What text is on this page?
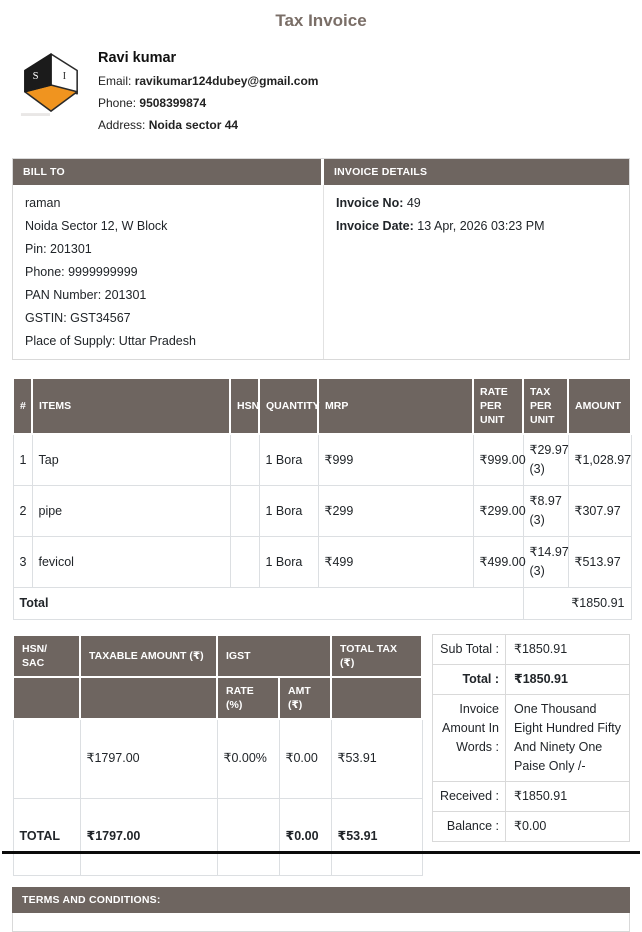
Tax Invoice
S I
Ravi kumar
Email: ravikumar124dubey@gmail.com
Phone: 9508399874
Address: Noida sector 44
BILL TO	INVOICE DETAILS
raman
Noida Sector 12, W Block
Pin: 201301
Phone: 9999999999
PAN Number: 201301
GSTIN: GST34567
Place of Supply: Uttar Pradesh
Invoice No: 49
Invoice Date: 13 Apr, 2026 03:23 PM
#	ITEMS	HSN	QUANTITY	MRP	RATE PER UNIT	TAX PER UNIT	AMOUNT
1	Tap		1 Bora	₹999	₹999.00	₹29.97 (3)	₹1,028.97
2	pipe		1 Bora	₹299	₹299.00	₹8.97 (3)	₹307.97
3	fevicol		1 Bora	₹499	₹499.00	₹14.97 (3)	₹513.97
Total						₹1850.91	
HSN/ SAC	TAXABLE AMOUNT (₹)	IGST		TOTAL TAX (₹)
		RATE (%)	AMT (₹)	
	₹1797.00	₹0.00%	₹0.00	₹53.91
TOTAL	₹1797.00		₹0.00	₹53.91
Sub Total :	₹1850.91
Total :	₹1850.91
Invoice Amount In Words :
One Thousand Eight Hundred Fifty And Ninety One Paise Only /-
Received :	₹1850.91
Balance :	₹0.00
TERMS AND CONDITIONS:
